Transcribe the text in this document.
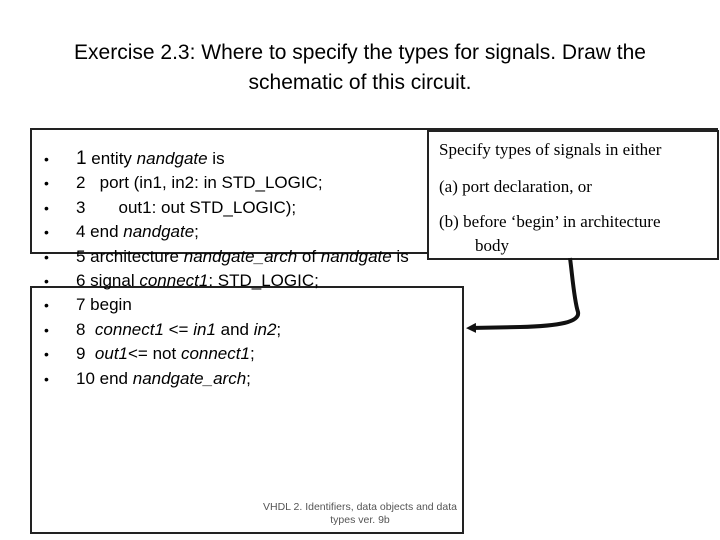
Exercise 2.3: Where to specify the types for signals. Draw the
schematic of this circuit.
• 1 entity nandgate is
• 2   port (in1, in2: in STD_LOGIC;
• 3       out1: out STD_LOGIC);
• 4 end nandgate;
• 5 architecture nandgate_arch of nandgate is
• 6 signal connect1: STD_LOGIC;
• 7 begin
• 8  connect1 <= in1 and in2;
• 9  out1<= not connect1;
• 10 end nandgate_arch;
Specify types of signals in either
(a) port declaration, or
(b) before ‘begin’ in architecture
body
VHDL 2. Identifiers, data objects and data
types ver. 9b
